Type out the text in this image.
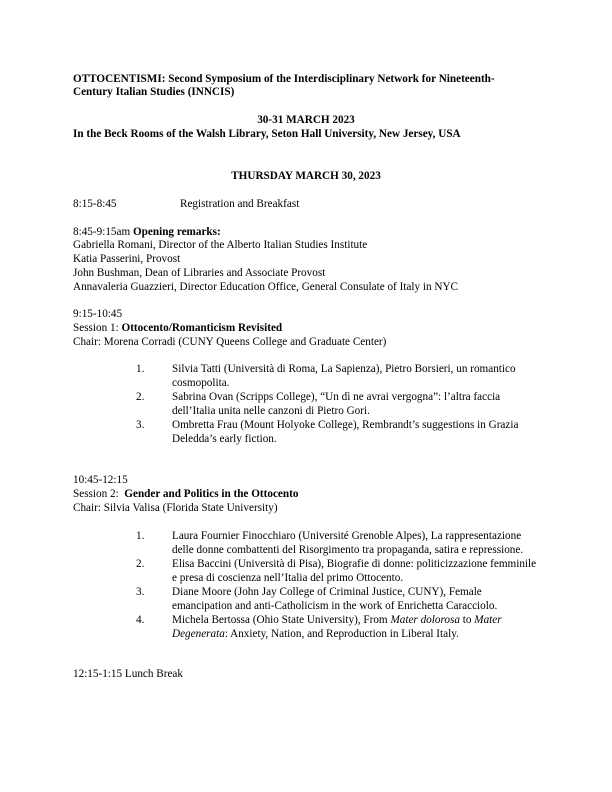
OTTOCENTISMI: Second Symposium of the Interdisciplinary Network for Nineteenth-
Century Italian Studies (INNCIS)
30-31 MARCH 2023
In the Beck Rooms of the Walsh Library, Seton Hall University, New Jersey, USA
THURSDAY MARCH 30, 2023
8:15-8:45	Registration and Breakfast
8:45-9:15am Opening remarks:
Gabriella Romani, Director of the Alberto Italian Studies Institute
Katia Passerini, Provost
John Bushman, Dean of Libraries and Associate Provost
Annavaleria Guazzieri, Director Education Office, General Consulate of Italy in NYC
9:15-10:45
Session 1: Ottocento/Romanticism Revisited
Chair: Morena Corradi (CUNY Queens College and Graduate Center)
1. Silvia Tatti (Università di Roma, La Sapienza), Pietro Borsieri, un romantico
cosmopolita.
2. Sabrina Ovan (Scripps College), “Un dì ne avrai vergogna”: l’altra faccia
dell’Italia unita nelle canzoni di Pietro Gori.
3. Ombretta Frau (Mount Holyoke College), Rembrandt’s suggestions in Grazia
Deledda’s early fiction.
10:45-12:15
Session 2:  Gender and Politics in the Ottocento
Chair: Silvia Valisa (Florida State University)
1. Laura Fournier Finocchiaro (Université Grenoble Alpes), La rappresentazione
delle donne combattenti del Risorgimento tra propaganda, satira e repressione.
2. Elisa Baccini (Università di Pisa), Biografie di donne: politicizzazione femminile
e presa di coscienza nell’Italia del primo Ottocento.
3. Diane Moore (John Jay College of Criminal Justice, CUNY), Female
emancipation and anti-Catholicism in the work of Enrichetta Caracciolo.
4. Michela Bertossa (Ohio State University), From Mater dolorosa to Mater
Degenerata: Anxiety, Nation, and Reproduction in Liberal Italy.
12:15-1:15 Lunch Break
